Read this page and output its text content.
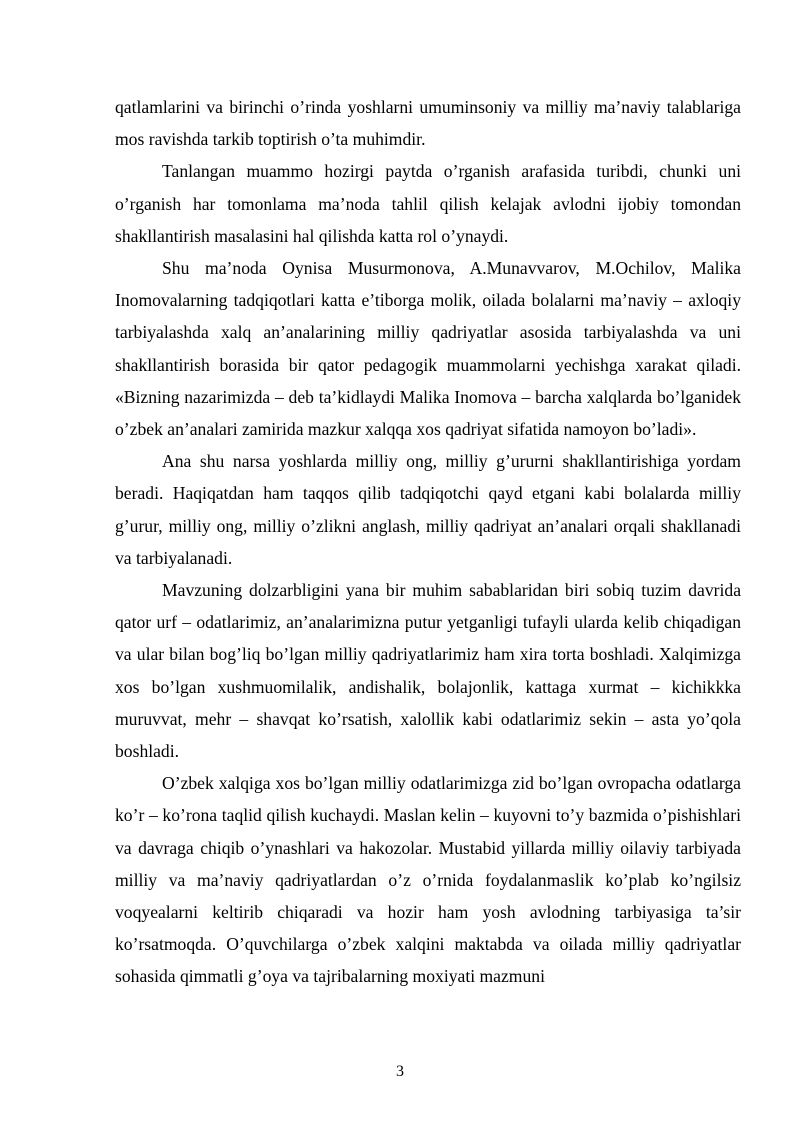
qatlamlarini va birinchi o’rinda yoshlarni umuminsoniy va milliy ma’naviy talablariga mos ravishda tarkib toptirish o’ta muhimdir.

Tanlangan muammo hozirgi paytda o’rganish arafasida turibdi, chunki uni o’rganish har tomonlama ma’noda tahlil qilish kelajak avlodni ijobiy tomondan shakllantirish masalasini hal qilishda katta rol o’ynaydi.

Shu ma’noda Oynisa Musurmonova, A.Munavvarov, M.Ochilov, Malika Inomovalarning tadqiqotlari katta e’tiborga molik, oilada bolalarni ma’naviy – axloqiy tarbiyalashda xalq an’analarining milliy qadriyatlar asosida tarbiyalashda va uni shakllantirish borasida bir qator pedagogik muammolarni yechishga xarakat qiladi. «Bizning nazarimizda – deb ta’kidlaydi Malika Inomova – barcha xalqlarda bo’lganidek o’zbek an’analari zamirida mazkur xalqqa xos qadriyat sifatida namoyon bo’ladi».

Ana shu narsa yoshlarda milliy ong, milliy g’ururni shakllantirishiga yordam beradi. Haqiqatdan ham taqqos qilib tadqiqotchi qayd etgani kabi bolalarda milliy g’urur, milliy ong, milliy o’zlikni anglash, milliy qadriyat an’analari orqali shakllanadi va tarbiyalanadi.

Mavzuning dolzarbligini yana bir muhim sabablaridan biri sobiq tuzim davrida qator urf – odatlarimiz, an’analarimizna putur yetganligi tufayli ularda kelib chiqadigan va ular bilan bog’liq bo’lgan milliy qadriyatlarimiz ham xira torta boshladi. Xalqimizga xos bo’lgan xushmuomilalik, andishalik, bolajonlik, kattaga xurmat – kichikkka muruvvat, mehr – shavqat ko’rsatish, xalollik kabi odatlarimiz sekin – asta yo’qola boshladi.

O’zbek xalqiga xos bo’lgan milliy odatlarimizga zid bo’lgan ovropacha odatlarga ko’r – ko’rona taqlid qilish kuchaydi. Maslan kelin – kuyovni to’y bazmida o’pishishlari va davraga chiqib o’ynashlari va hakozolar. Mustabid yillarda milliy oilaviy tarbiyada milliy va ma’naviy qadriyatlardan o’z o’rnida foydalanmaslik ko’plab ko’ngilsiz voqyealarni keltirib chiqaradi va hozir ham yosh avlodning tarbiyasiga ta’sir ko’rsatmoqda. O’quvchilarga o’zbek xalqini maktabda va oilada milliy qadriyatlar sohasida qimmatli g’oya va tajribalarning moxiyati mazmuni

3
